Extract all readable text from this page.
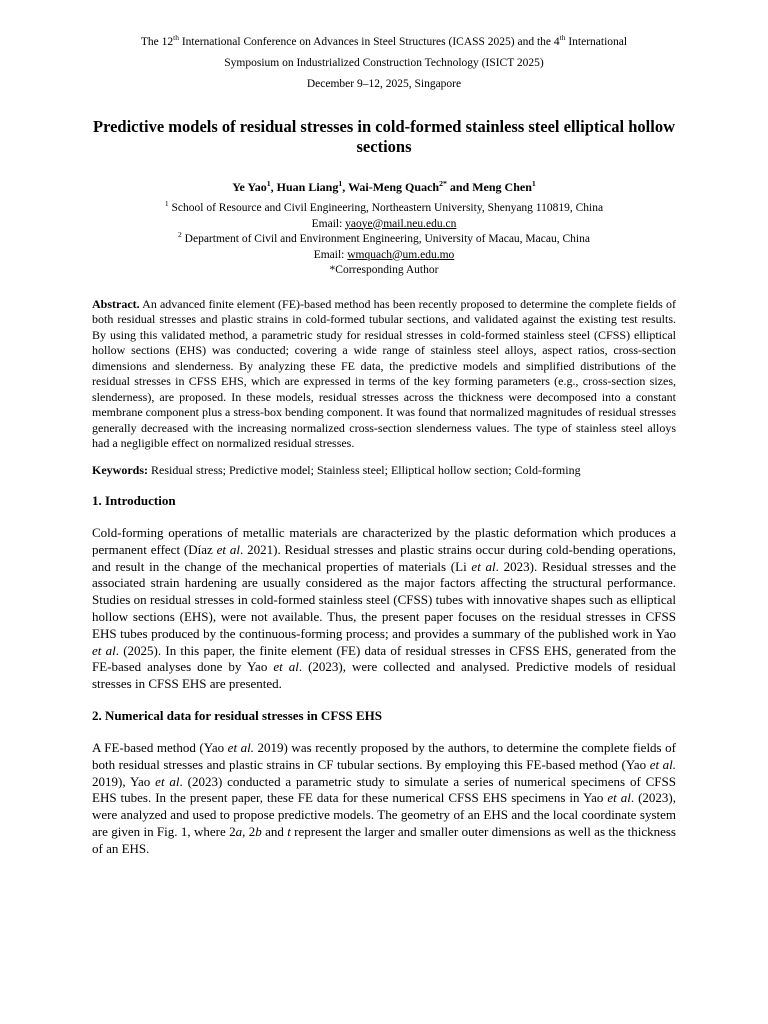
The 12th International Conference on Advances in Steel Structures (ICASS 2025) and the 4th International
Symposium on Industrialized Construction Technology (ISICT 2025)
December 9–12, 2025, Singapore
Predictive models of residual stresses in cold-formed stainless steel elliptical hollow sections
Ye Yao$^1$, Huan Liang$^1$, Wai-Meng Quach$^{2*}$ and Meng Chen$^1$
$^1$ School of Resource and Civil Engineering, Northeastern University, Shenyang 110819, China
Email: yaoye@mail.neu.edu.cn
$^2$ Department of Civil and Environment Engineering, University of Macau, Macau, China
Email: wmquach@um.edu.mo
*Corresponding Author
Abstract. An advanced finite element (FE)-based method has been recently proposed to determine the complete fields of both residual stresses and plastic strains in cold-formed tubular sections, and validated against the existing test results. By using this validated method, a parametric study for residual stresses in cold-formed stainless steel (CFSS) elliptical hollow sections (EHS) was conducted; covering a wide range of stainless steel alloys, aspect ratios, cross-section dimensions and slenderness. By analyzing these FE data, the predictive models and simplified distributions of the residual stresses in CFSS EHS, which are expressed in terms of the key forming parameters (e.g., cross-section sizes, slenderness), are proposed. In these models, residual stresses across the thickness were decomposed into a constant membrane component plus a stress-box bending component. It was found that normalized magnitudes of residual stresses generally decreased with the increasing normalized cross-section slenderness values. The type of stainless steel alloys had a negligible effect on normalized residual stresses.
Keywords: Residual stress; Predictive model; Stainless steel; Elliptical hollow section; Cold-forming
1. Introduction
Cold-forming operations of metallic materials are characterized by the plastic deformation which produces a permanent effect (Díaz et al. 2021). Residual stresses and plastic strains occur during cold-bending operations, and result in the change of the mechanical properties of materials (Li et al. 2023). Residual stresses and the associated strain hardening are usually considered as the major factors affecting the structural performance. Studies on residual stresses in cold-formed stainless steel (CFSS) tubes with innovative shapes such as elliptical hollow sections (EHS), were not available. Thus, the present paper focuses on the residual stresses in CFSS EHS tubes produced by the continuous-forming process; and provides a summary of the published work in Yao et al. (2025). In this paper, the finite element (FE) data of residual stresses in CFSS EHS, generated from the FE-based analyses done by Yao et al. (2023), were collected and analysed. Predictive models of residual stresses in CFSS EHS are presented.
2. Numerical data for residual stresses in CFSS EHS
A FE-based method (Yao et al. 2019) was recently proposed by the authors, to determine the complete fields of both residual stresses and plastic strains in CF tubular sections. By employing this FE-based method (Yao et al. 2019), Yao et al. (2023) conducted a parametric study to simulate a series of numerical specimens of CFSS EHS tubes. In the present paper, these FE data for these numerical CFSS EHS specimens in Yao et al. (2023), were analyzed and used to propose predictive models. The geometry of an EHS and the local coordinate system are given in Fig. 1, where 2a, 2b and t represent the larger and smaller outer dimensions as well as the thickness of an EHS.
